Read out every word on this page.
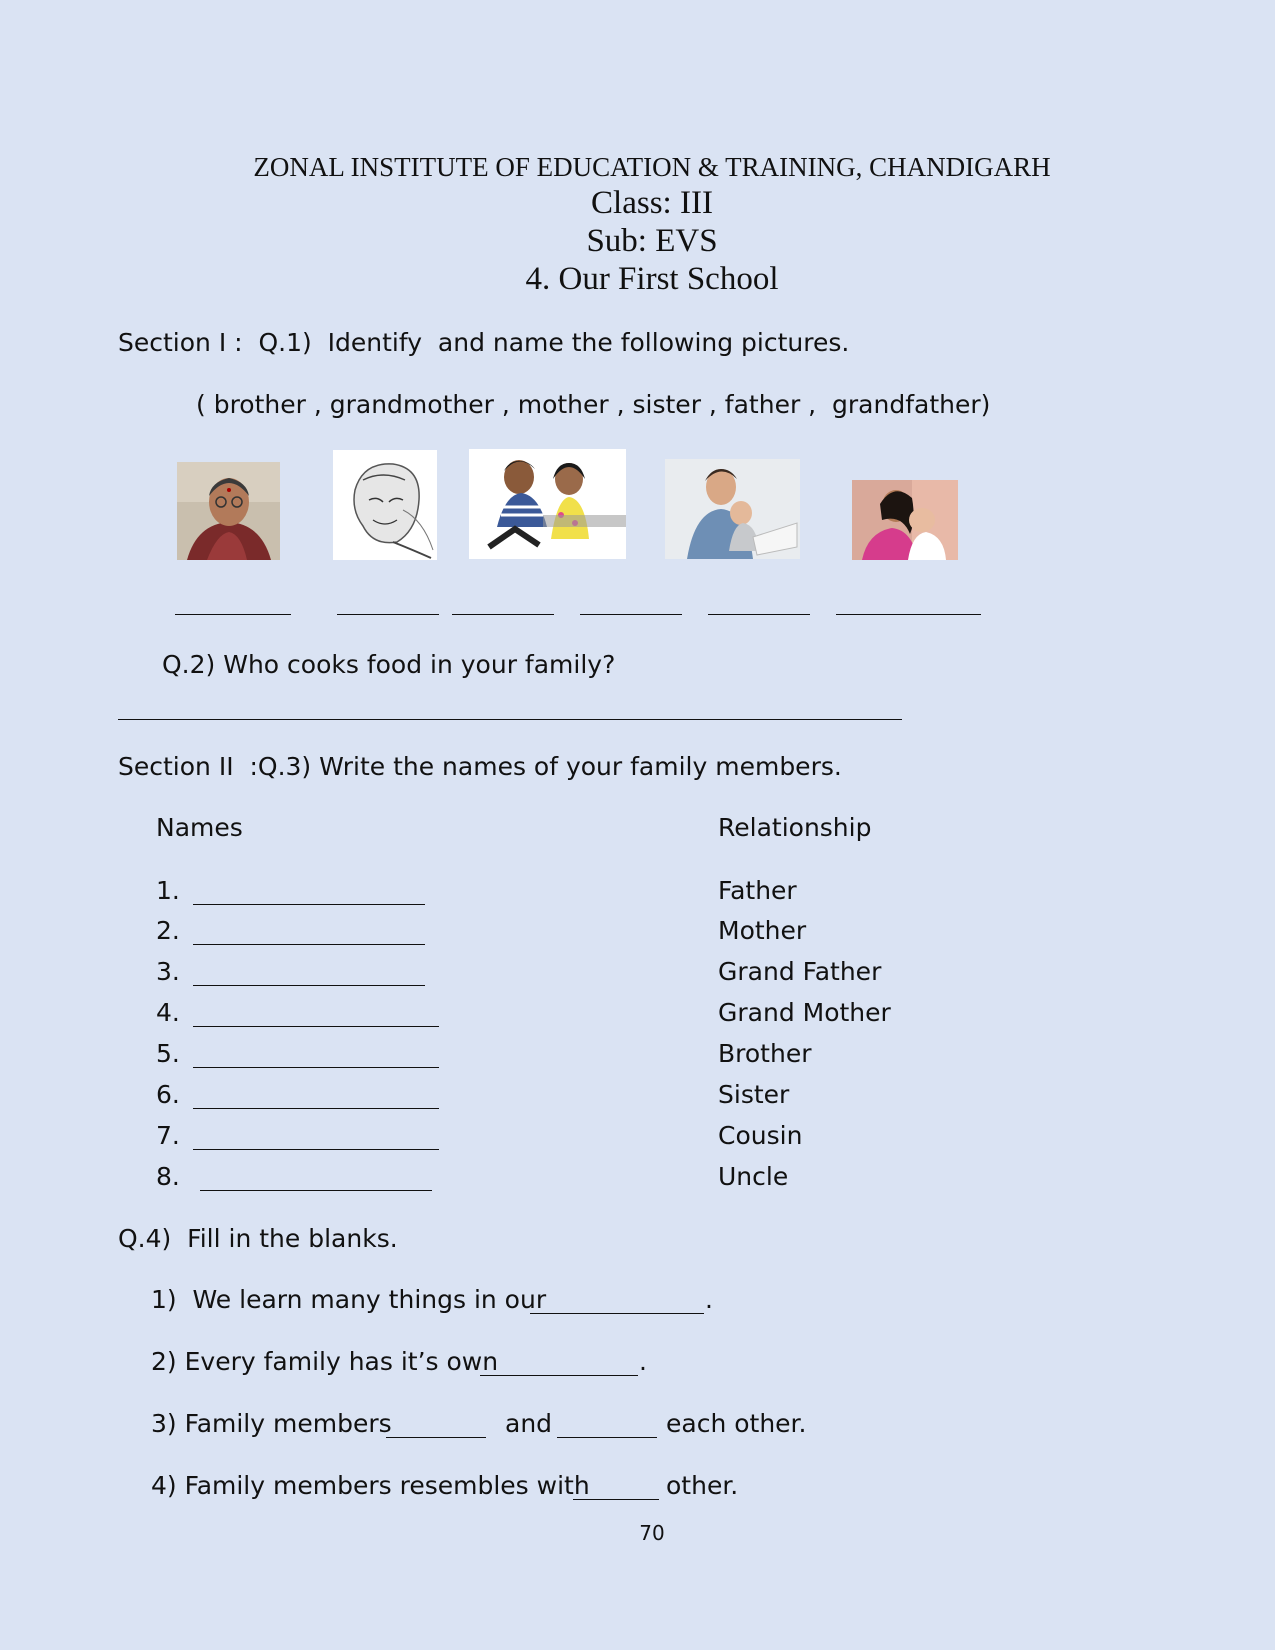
ZONAL INSTITUTE OF EDUCATION & TRAINING, CHANDIGARH
Class: III
Sub: EVS
4. Our First School
Section I :  Q.1)  Identify  and name the following pictures.
( brother , grandmother , mother , sister , father ,  grandfather)
Q.2) Who cooks food in your family?
Section II  :Q.3) Write the names of your family members.
Names	Relationship
1.	Father
2.	Mother
3.	Grand Father
4.	Grand Mother
5.	Brother
6.	Sister
7.	Cousin
8.	Uncle
Q.4)  Fill in the blanks.
1)  We learn many things in our	.
2) Every family has it’s own	.
3) Family members	and	each other.
4) Family members resembles with	other.
70
